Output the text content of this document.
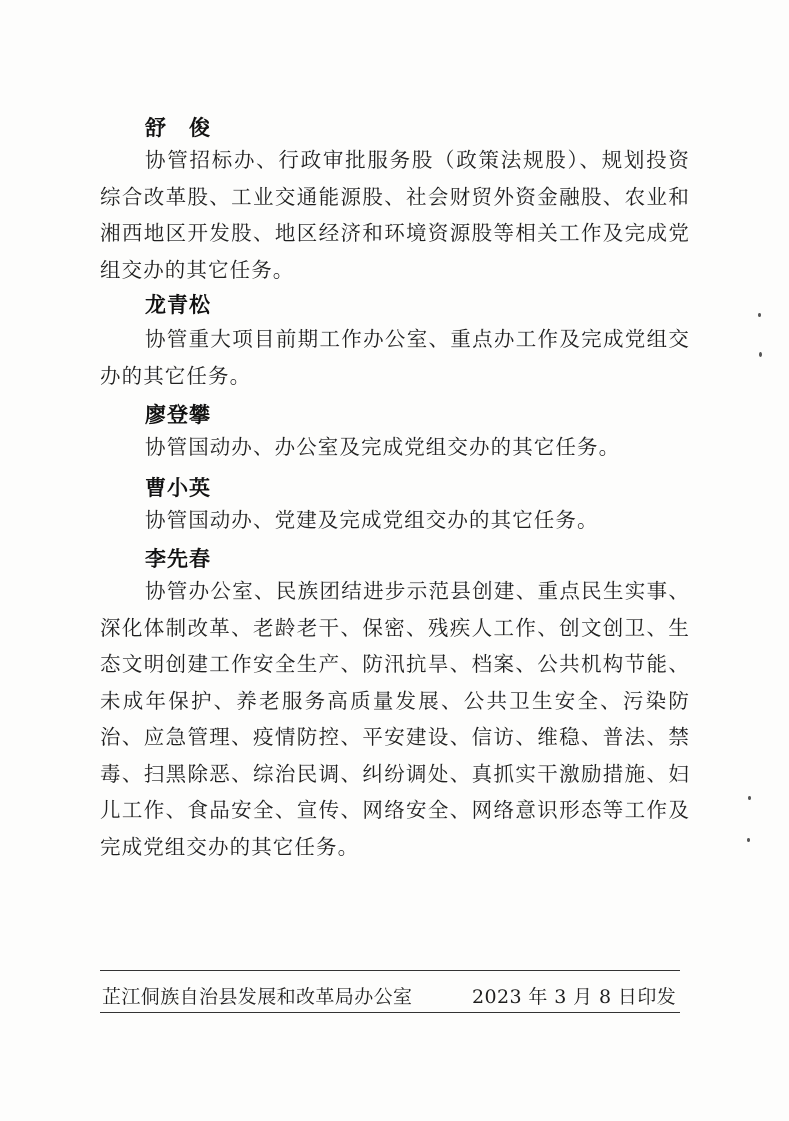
舒　俊
协管招标办、行政审批服务股（政策法规股）、规划投资综合改革股、工业交通能源股、社会财贸外资金融股、农业和湘西地区开发股、地区经济和环境资源股等相关工作及完成党组交办的其它任务。
龙青松
协管重大项目前期工作办公室、重点办工作及完成党组交办的其它任务。
廖登攀
协管国动办、办公室及完成党组交办的其它任务。
曹小英
协管国动办、党建及完成党组交办的其它任务。
李先春
协管办公室、民族团结进步示范县创建、重点民生实事、深化体制改革、老龄老干、保密、残疾人工作、创文创卫、生态文明创建工作安全生产、防汛抗旱、档案、公共机构节能、未成年保护、养老服务高质量发展、公共卫生安全、污染防治、应急管理、疫情防控、平安建设、信访、维稳、普法、禁毒、扫黑除恶、综治民调、纠纷调处、真抓实干激励措施、妇儿工作、食品安全、宣传、网络安全、网络意识形态等工作及完成党组交办的其它任务。
芷江侗族自治县发展和改革局办公室	2023 年 3 月 8 日印发
